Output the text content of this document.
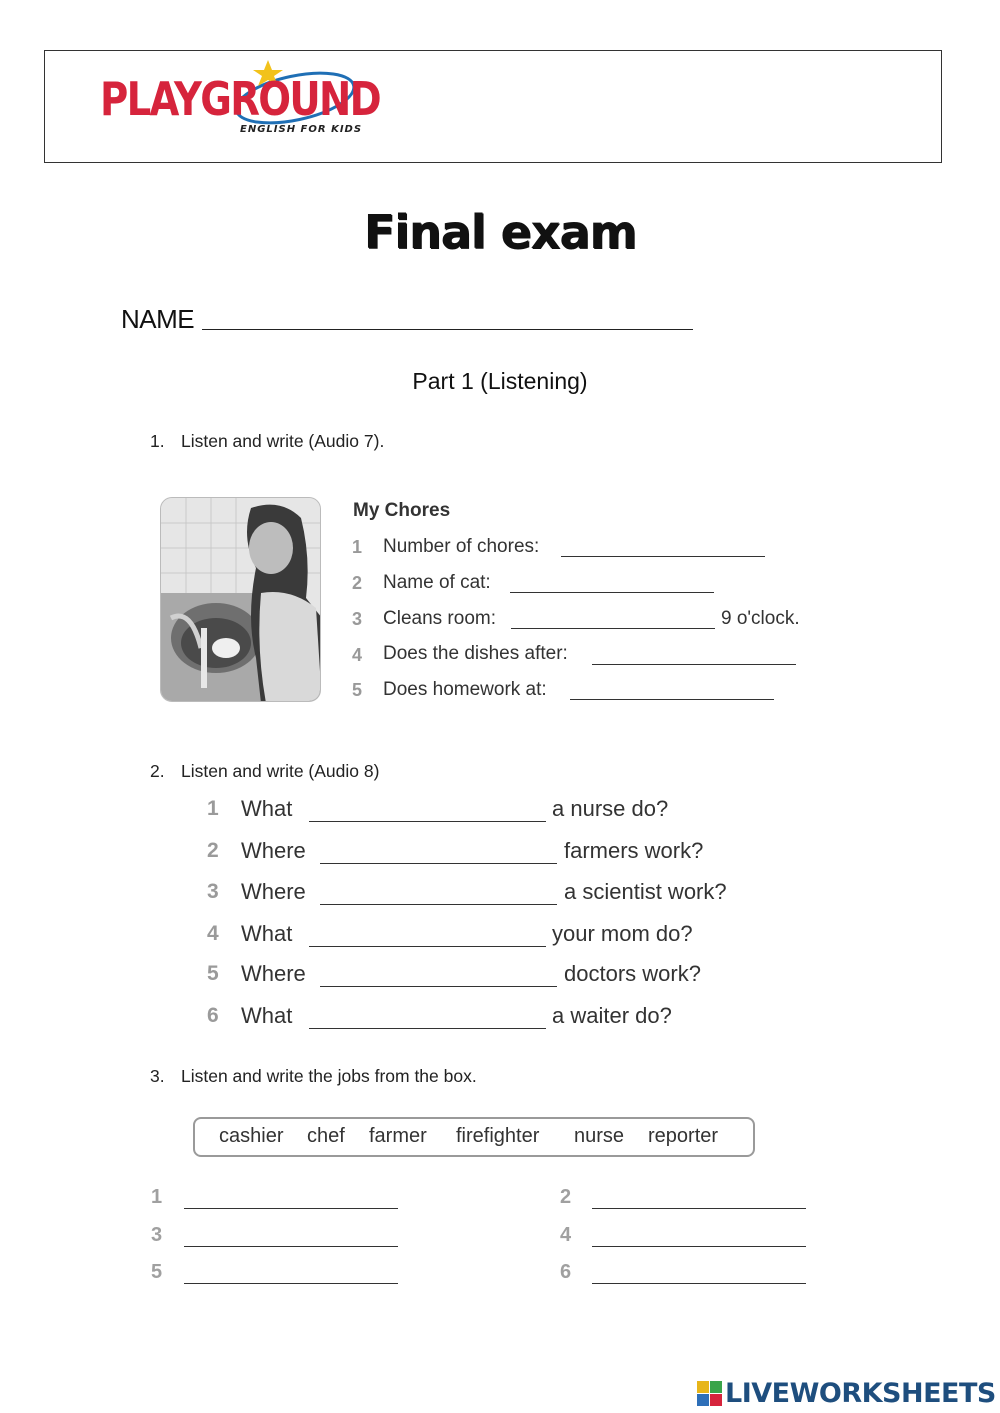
PLAYGROUND
ENGLISH FOR KIDS
Final exam
NAME
Part 1 (Listening)
1. Listen and write (Audio 7).
My Chores
1 Number of chores:
2 Name of cat:
3 Cleans room:	9 o'clock.
4 Does the dishes after:
5 Does homework at:
2. Listen and write (Audio 8)
1 What	a nurse do?
2 Where	farmers work?
3 Where	a scientist work?
4 What	your mom do?
5 Where	doctors work?
6 What	a waiter do?
3. Listen and write the jobs from the box.
cashier chef farmer firefighter nurse reporter
1	2
3	4
5	6
LIVEWORKSHEETS
